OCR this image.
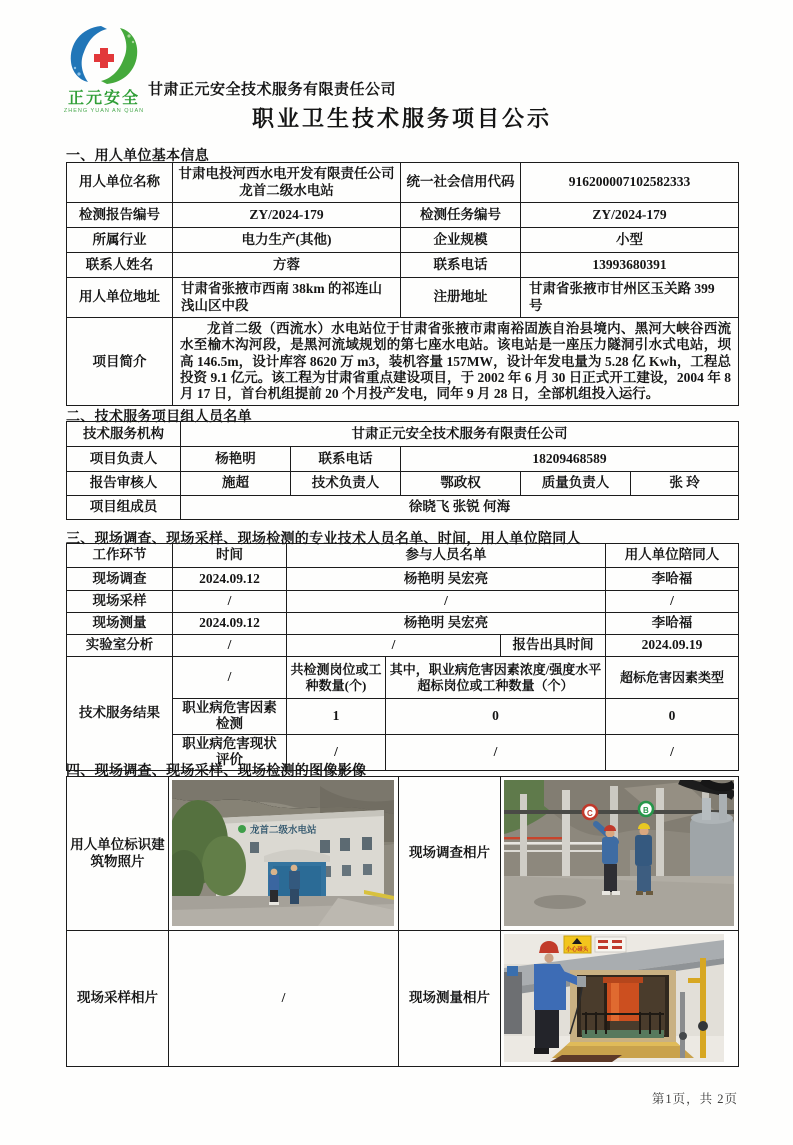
正元安全
ZHENG YUAN AN QUAN
甘肃正元安全技术服务有限责任公司
职业卫生技术服务项目公示
一、用人单位基本信息
用人单位名称	甘肃电投河西水电开发有限责任公司龙首二级水电站	统一社会信用代码	916200007102582333
检测报告编号	ZY/2024-179	检测任务编号	ZY/2024-179
所属行业	电力生产(其他)	企业规模	小型
联系人姓名	方蓉	联系电话	13993680391
用人单位地址	甘肃省张掖市西南 38km 的祁连山浅山区中段	注册地址	甘肃省张掖市甘州区玉关路 399 号
项目简介	龙首二级（西流水）水电站位于甘肃省张掖市肃南裕固族自治县境内、黑河大峡谷西流水至榆木沟河段，是黑河流域规划的第七座水电站。该电站是一座压力隧洞引水式电站，坝高 146.5m，设计库容 8620 万 m3，装机容量 157MW，设计年发电量为 5.28 亿 Kwh，工程总投资 9.1 亿元。该工程为甘肃省重点建设项目，于 2002 年 6 月 30 日正式开工建设，2004 年 8 月 17 日，首台机组提前 20 个月投产发电，同年 9 月 28 日，全部机组投入运行。		

二、技术服务项目组人员名单
技术服务机构	甘肃正元安全技术服务有限责任公司				
项目负责人	杨艳明	联系电话	18209468589		
报告审核人	施超	技术负责人	鄂政权	质量负责人	张 玲
项目组成员	徐晓飞 张锐 何海				
三、现场调查、现场采样、现场检测的专业技术人员名单、时间，用人单位陪同人
工作环节	时间	参与人员名单			用人单位陪同人
现场调查	2024.09.12	杨艳明 吴宏亮			李哈福
现场采样	/	/			/
现场测量	2024.09.12	杨艳明 吴宏亮			李哈福
实验室分析	/	/		报告出具时间	2024.09.19
技术服务结果	/	共检测岗位或工种数量(个)	其中，职业病危害因素浓度/强度水平超标岗位或工种数量（个）		超标危害因素类型
	职业病危害因素检测	1	0		0
	职业病危害现状评价	/	/		/
四、现场调查、现场采样、现场检测的图像影像
用人单位标识建筑物照片	龙首二级水电站	现场调查相片	C B

现场采样相片	/	现场测量相片	小心碰头
第1页，共 2页
